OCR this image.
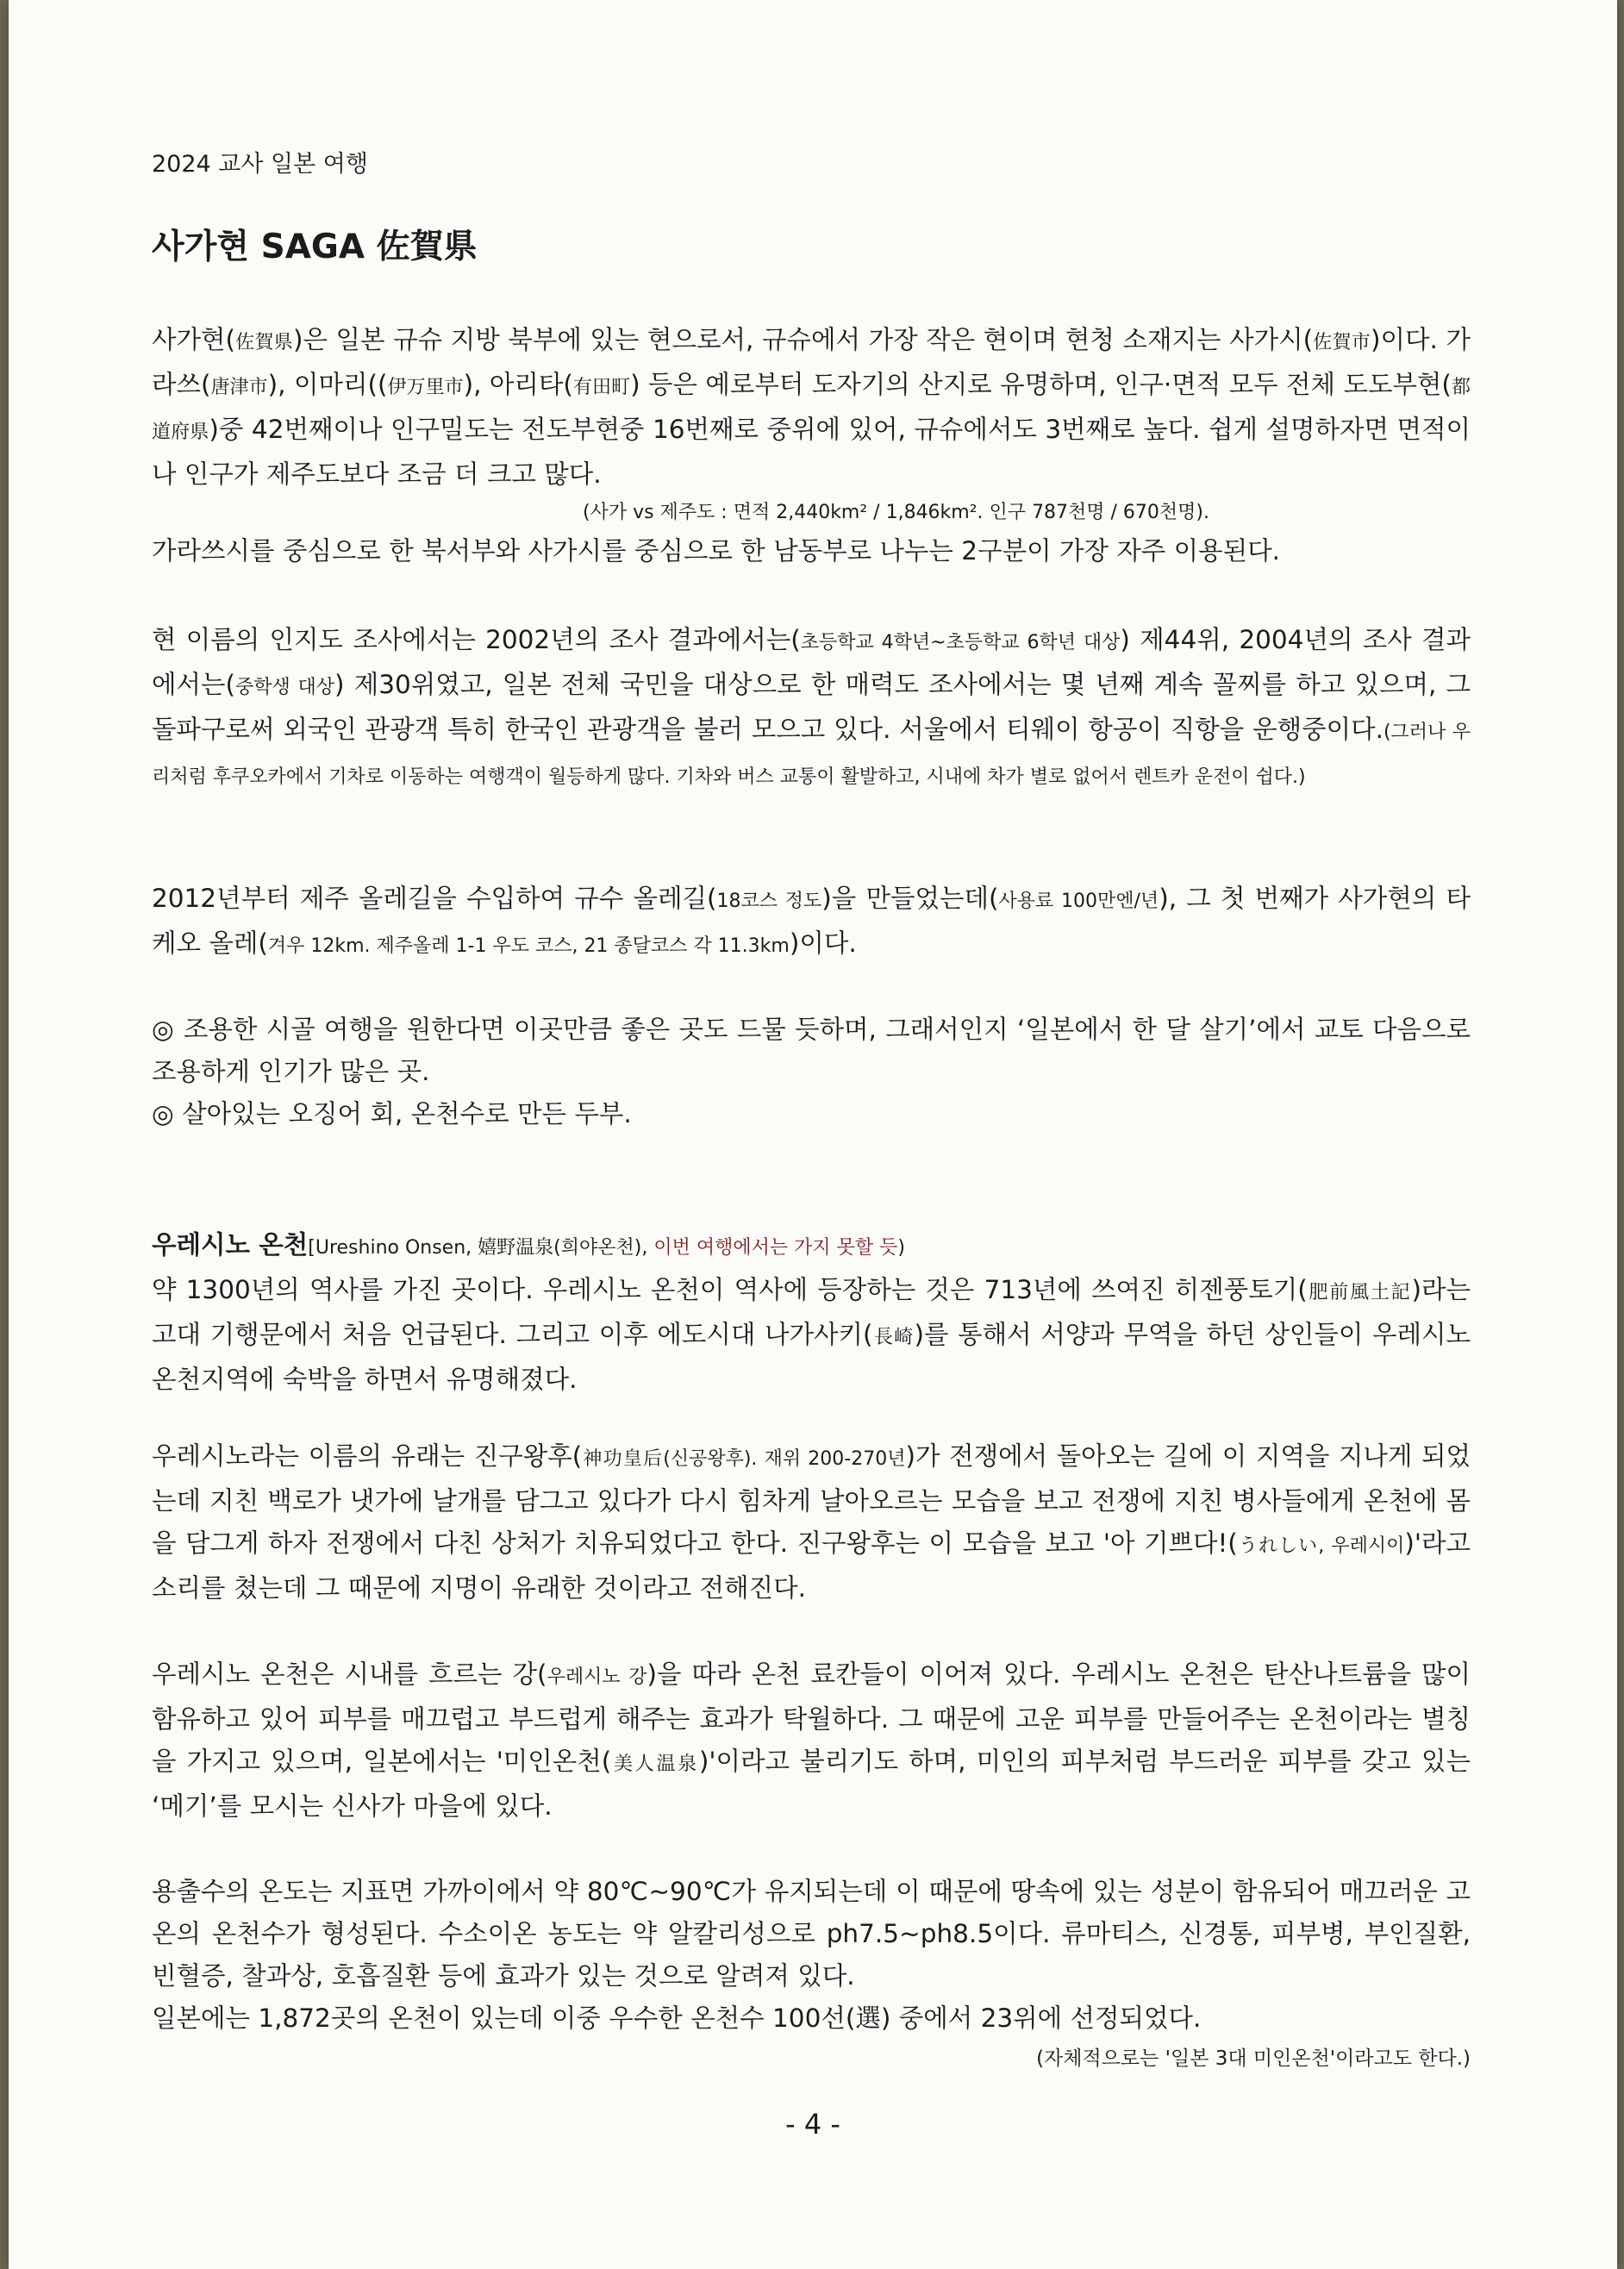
2024 교사 일본 여행
사가현 SAGA 佐賀県

사가현(佐賀県)은 일본 규슈 지방 북부에 있는 현으로서, 규슈에서 가장 작은 현이며 현청 소재지는 사가시(佐賀市)이다. 가라쓰(唐津市), 이마리((伊万里市), 아리타(有田町) 등은 예로부터 도자기의 산지로 유명하며, 인구·면적 모두 전체 도도부현(都道府県)중 42번째이나 인구밀도는 전도부현중 16번째로 중위에 있어, 규슈에서도 3번째로 높다. 쉽게 설명하자면 면적이나 인구가 제주도보다 조금 더 크고 많다.

(사가 vs 제주도 : 면적 2,440km² / 1,846km². 인구 787천명 / 670천명).

가라쓰시를 중심으로 한 북서부와 사가시를 중심으로 한 남동부로 나누는 2구분이 가장 자주 이용된다.

현 이름의 인지도 조사에서는 2002년의 조사 결과에서는(초등학교 4학년~초등학교 6학년 대상) 제44위, 2004년의 조사 결과에서는(중학생 대상) 제30위였고, 일본 전체 국민을 대상으로 한 매력도 조사에서는 몇 년째 계속 꼴찌를 하고 있으며, 그 돌파구로써 외국인 관광객 특히 한국인 관광객을 불러 모으고 있다. 서울에서 티웨이 항공이 직항을 운행중이다.(그러나 우리처럼 후쿠오카에서 기차로 이동하는 여행객이 월등하게 많다. 기차와 버스 교통이 활발하고, 시내에 차가 별로 없어서 렌트카 운전이 쉽다.)

2012년부터 제주 올레길을 수입하여 규수 올레길(18코스 정도)을 만들었는데(사용료 100만엔/년), 그 첫 번째가 사가현의 타케오 올레(겨우 12km. 제주올레 1-1 우도 코스, 21 종달코스 각 11.3km)이다.

◎ 조용한 시골 여행을 원한다면 이곳만큼 좋은 곳도 드물 듯하며, 그래서인지 ‘일본에서 한 달 살기’에서 교토 다음으로 조용하게 인기가 많은 곳.

◎ 살아있는 오징어 회, 온천수로 만든 두부.

우레시노 온천[Ureshino Onsen, 嬉野温泉(희야온천), 이번 여행에서는 가지 못할 듯)

약 1300년의 역사를 가진 곳이다. 우레시노 온천이 역사에 등장하는 것은 713년에 쓰여진 히젠풍토기(肥前風土記)라는 고대 기행문에서 처음 언급된다. 그리고 이후 에도시대 나가사키(長崎)를 통해서 서양과 무역을 하던 상인들이 우레시노 온천지역에 숙박을 하면서 유명해졌다.

우레시노라는 이름의 유래는 진구왕후(神功皇后(신공왕후). 재위 200-270년)가 전쟁에서 돌아오는 길에 이 지역을 지나게 되었는데 지친 백로가 냇가에 날개를 담그고 있다가 다시 힘차게 날아오르는 모습을 보고 전쟁에 지친 병사들에게 온천에 몸을 담그게 하자 전쟁에서 다친 상처가 치유되었다고 한다. 진구왕후는 이 모습을 보고 '아 기쁘다!(うれしい, 우레시이)'라고 소리를 쳤는데 그 때문에 지명이 유래한 것이라고 전해진다.

우레시노 온천은 시내를 흐르는 강(우레시노 강)을 따라 온천 료칸들이 이어져 있다. 우레시노 온천은 탄산나트륨을 많이 함유하고 있어 피부를 매끄럽고 부드럽게 해주는 효과가 탁월하다. 그 때문에 고운 피부를 만들어주는 온천이라는 별칭을 가지고 있으며, 일본에서는 '미인온천(美人温泉)'이라고 불리기도 하며, 미인의 피부처럼 부드러운 피부를 갖고 있는 ‘메기’를 모시는 신사가 마을에 있다.

용출수의 온도는 지표면 가까이에서 약 80℃~90℃가 유지되는데 이 때문에 땅속에 있는 성분이 함유되어 매끄러운 고온의 온천수가 형성된다. 수소이온 농도는 약 알칼리성으로 ph7.5~ph8.5이다. 류마티스, 신경통, 피부병, 부인질환, 빈혈증, 찰과상, 호흡질환 등에 효과가 있는 것으로 알려져 있다.

일본에는 1,872곳의 온천이 있는데 이중 우수한 온천수 100선(選) 중에서 23위에 선정되었다.

(자체적으로는 '일본 3대 미인온천'이라고도 한다.)

- 4 -
